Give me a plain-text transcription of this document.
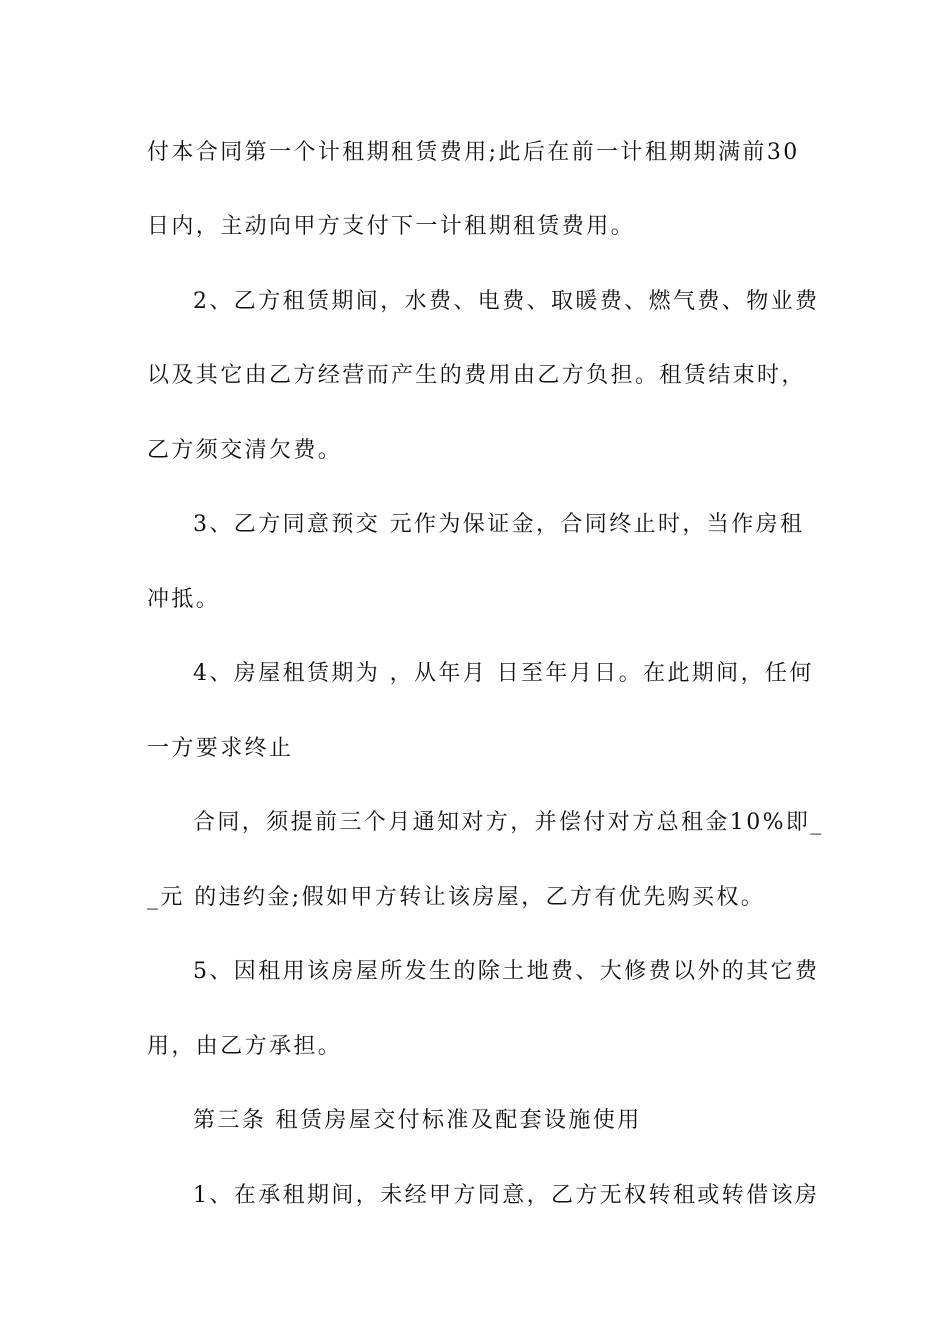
付本合同第一个计租期租赁费用;此后在前一计租期期满前30
日内，主动向甲方支付下一计租期租赁费用。
2、乙方租赁期间，水费、电费、取暖费、燃气费、物业费
以及其它由乙方经营而产生的费用由乙方负担。租赁结束时，
乙方须交清欠费。
3、乙方同意预交 元作为保证金，合同终止时，当作房租
冲抵。
4、房屋租赁期为 ，从年月 日至年月日。在此期间，任何
一方要求终止
合同，须提前三个月通知对方，并偿付对方总租金10%即_
_元 的违约金;假如甲方转让该房屋，乙方有优先购买权。
5、因租用该房屋所发生的除土地费、大修费以外的其它费
用，由乙方承担。
第三条 租赁房屋交付标准及配套设施使用
1、在承租期间，未经甲方同意，乙方无权转租或转借该房
